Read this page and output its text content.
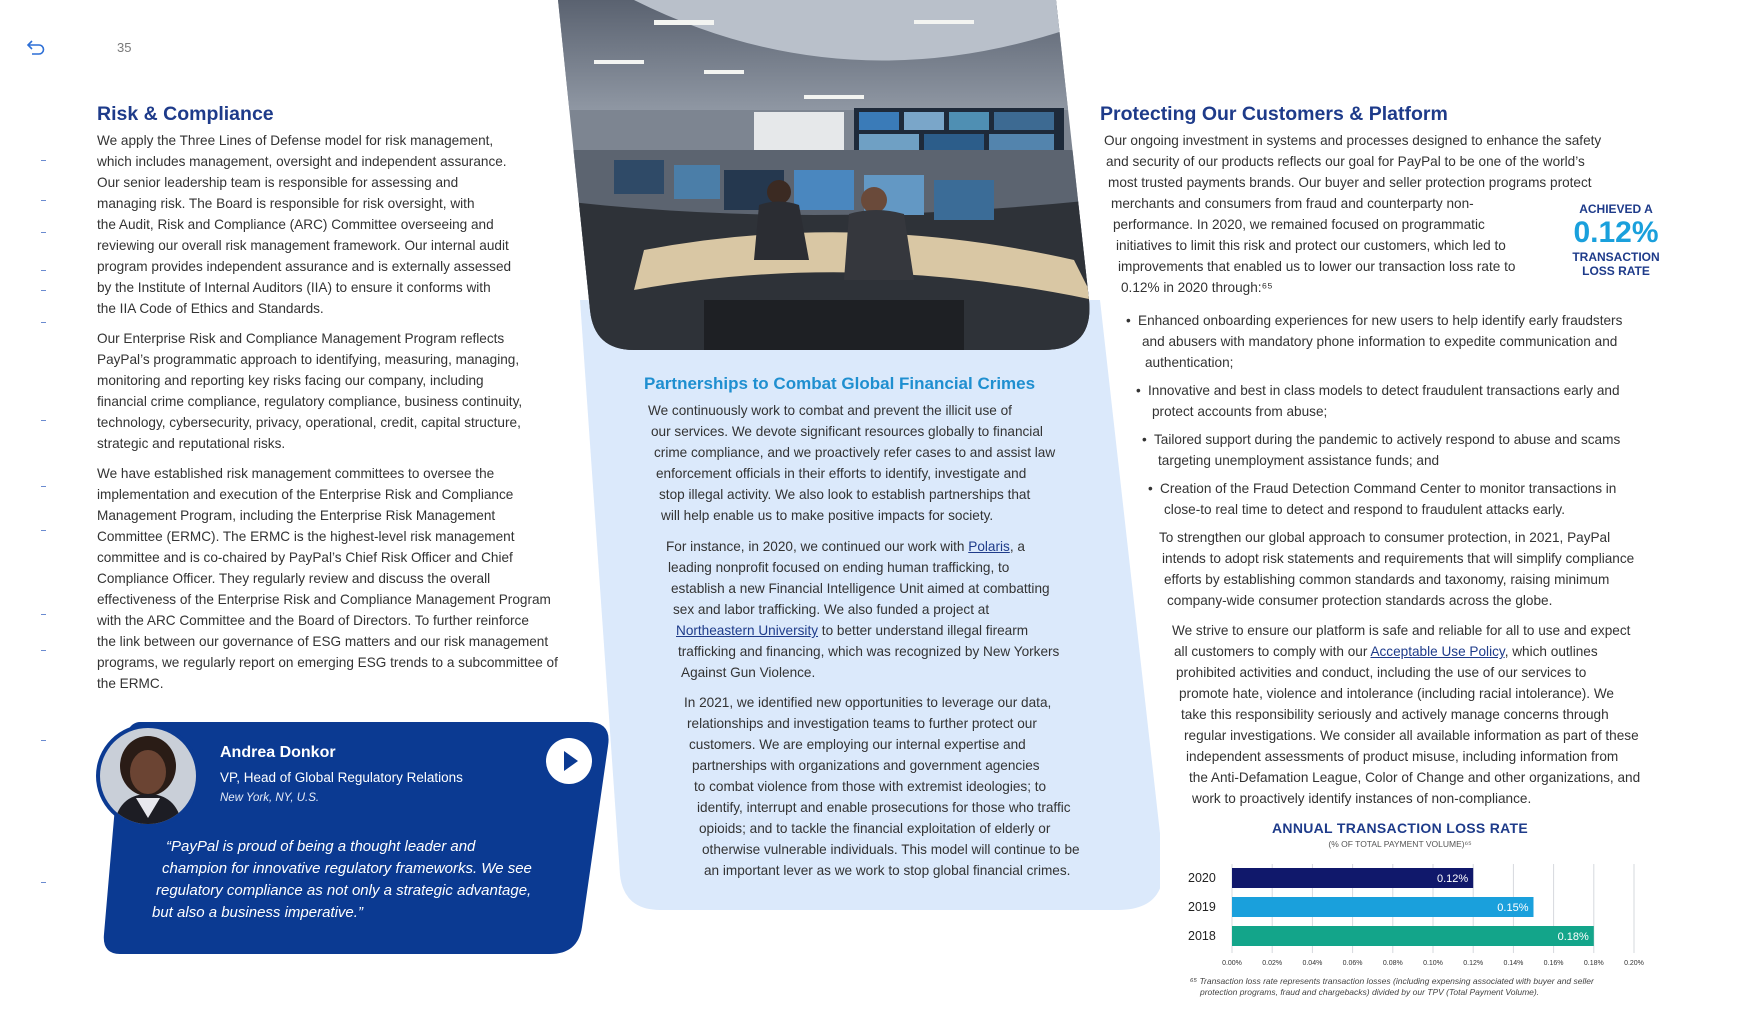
35
Risk & Compliance

We apply the Three Lines of Defense model for risk management,

which includes management, oversight and independent assurance.

Our senior leadership team is responsible for assessing and

managing risk. The Board is responsible for risk oversight, with

the Audit, Risk and Compliance (ARC) Committee overseeing and

reviewing our overall risk management framework. Our internal audit

program provides independent assurance and is externally assessed

by the Institute of Internal Auditors (IIA) to ensure it conforms with

the IIA Code of Ethics and Standards.

Our Enterprise Risk and Compliance Management Program reflects

PayPal’s programmatic approach to identifying, measuring, managing,

monitoring and reporting key risks facing our company, including

financial crime compliance, regulatory compliance, business continuity,

technology, cybersecurity, privacy, operational, credit, capital structure,

strategic and reputational risks.

We have established risk management committees to oversee the

implementation and execution of the Enterprise Risk and Compliance

Management Program, including the Enterprise Risk Management

Committee (ERMC). The ERMC is the highest-level risk management

committee and is co-chaired by PayPal’s Chief Risk Officer and Chief

Compliance Officer. They regularly review and discuss the overall

effectiveness of the Enterprise Risk and Compliance Management Program

with the ARC Committee and the Board of Directors. To further reinforce

the link between our governance of ESG matters and our risk management

programs, we regularly report on emerging ESG trends to a subcommittee of

the ERMC.

Andrea Donkor
VP, Head of Global Regulatory Relations
New York, NY, U.S.
“PayPal is proud of being a thought leader and
champion for innovative regulatory frameworks. We see
regulatory compliance as not only a strategic advantage,
but also a business imperative.”
Partnerships to Combat Global Financial Crimes

We continuously work to combat and prevent the illicit use of

our services. We devote significant resources globally to financial

crime compliance, and we proactively refer cases to and assist law

enforcement officials in their efforts to identify, investigate and

stop illegal activity. We also look to establish partnerships that

will help enable us to make positive impacts for society.

For instance, in 2020, we continued our work with Polaris, a

leading nonprofit focused on ending human trafficking, to

establish a new Financial Intelligence Unit aimed at combatting

sex and labor trafficking. We also funded a project at

Northeastern University to better understand illegal firearm

trafficking and financing, which was recognized by New Yorkers

Against Gun Violence.

In 2021, we identified new opportunities to leverage our data,

relationships and investigation teams to further protect our

customers. We are employing our internal expertise and

partnerships with organizations and government agencies

to combat violence from those with extremist ideologies; to

identify, interrupt and enable prosecutions for those who traffic

opioids; and to tackle the financial exploitation of elderly or

otherwise vulnerable individuals. This model will continue to be

an important lever as we work to stop global financial crimes.

Protecting Our Customers & Platform

Our ongoing investment in systems and processes designed to enhance the safety

and security of our products reflects our goal for PayPal to be one of the world’s

most trusted payments brands. Our buyer and seller protection programs protect

merchants and consumers from fraud and counterparty non-

performance. In 2020, we remained focused on programmatic

initiatives to limit this risk and protect our customers, which led to

improvements that enabled us to lower our transaction loss rate to

0.12% in 2020 through:⁶⁵

ACHIEVED A
0.12%
TRANSACTION
LOSS RATE

• Enhanced onboarding experiences for new users to help identify early fraudsters

and abusers with mandatory phone information to expedite communication and

authentication;

• Innovative and best in class models to detect fraudulent transactions early and

protect accounts from abuse;

• Tailored support during the pandemic to actively respond to abuse and scams

targeting unemployment assistance funds; and

• Creation of the Fraud Detection Command Center to monitor transactions in

close-to real time to detect and respond to fraudulent attacks early.

To strengthen our global approach to consumer protection, in 2021, PayPal

intends to adopt risk statements and requirements that will simplify compliance

efforts by establishing common standards and taxonomy, raising minimum

company-wide consumer protection standards across the globe.

We strive to ensure our platform is safe and reliable for all to use and expect

all customers to comply with our Acceptable Use Policy, which outlines

prohibited activities and conduct, including the use of our services to

promote hate, violence and intolerance (including racial intolerance). We

take this responsibility seriously and actively manage concerns through

regular investigations. We consider all available information as part of these

independent assessments of product misuse, including information from

the Anti-Defamation League, Color of Change and other organizations, and

work to proactively identify instances of non-compliance.

ANNUAL TRANSACTION LOSS RATE
(% OF TOTAL PAYMENT VOLUME)⁶⁵
0.00%	0.02%	0.04%	0.06%	0.08%	0.10%	0.12%	0.14%	0.16%	0.18%	0.20%
2020	0.12%
2019	0.15%
2018	0.18%
⁶⁵ Transaction loss rate represents transaction losses (including expensing associated with buyer and seller
protection programs, fraud and chargebacks) divided by our TPV (Total Payment Volume).
